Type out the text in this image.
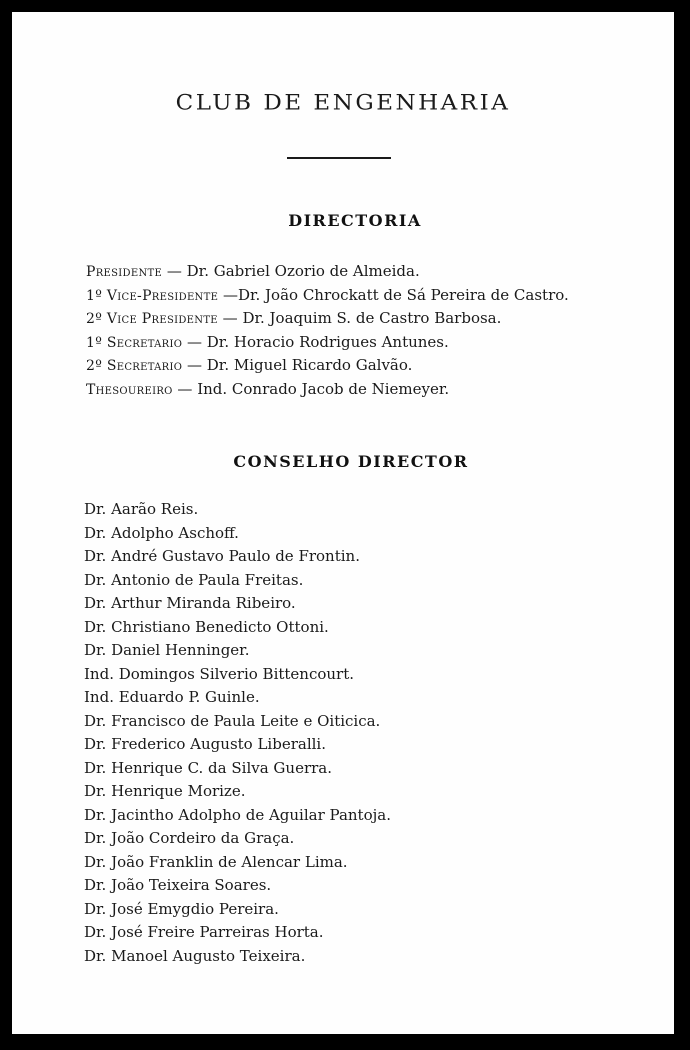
CLUB DE ENGENHARIA
DIRECTORIA
Presidente — Dr. Gabriel Ozorio de Almeida.
1º Vice-Presidente —Dr. João Chrockatt de Sá Pereira de Castro.
2º Vice Presidente — Dr. Joaquim S. de Castro Barbosa.
1º Secretario — Dr. Horacio Rodrigues Antunes.
2º Secretario — Dr. Miguel Ricardo Galvão.
Thesoureiro — Ind. Conrado Jacob de Niemeyer.
CONSELHO DIRECTOR
Dr. Aarão Reis.
Dr. Adolpho Aschoff.
Dr. André Gustavo Paulo de Frontin.
Dr. Antonio de Paula Freitas.
Dr. Arthur Miranda Ribeiro.
Dr. Christiano Benedicto Ottoni.
Dr. Daniel Henninger.
Ind. Domingos Silverio Bittencourt.
Ind. Eduardo P. Guinle.
Dr. Francisco de Paula Leite e Oiticica.
Dr. Frederico Augusto Liberalli.
Dr. Henrique C. da Silva Guerra.
Dr. Henrique Morize.
Dr. Jacintho Adolpho de Aguilar Pantoja.
Dr. João Cordeiro da Graça.
Dr. João Franklin de Alencar Lima.
Dr. João Teixeira Soares.
Dr. José Emygdio Pereira.
Dr. José Freire Parreiras Horta.
Dr. Manoel Augusto Teixeira.
